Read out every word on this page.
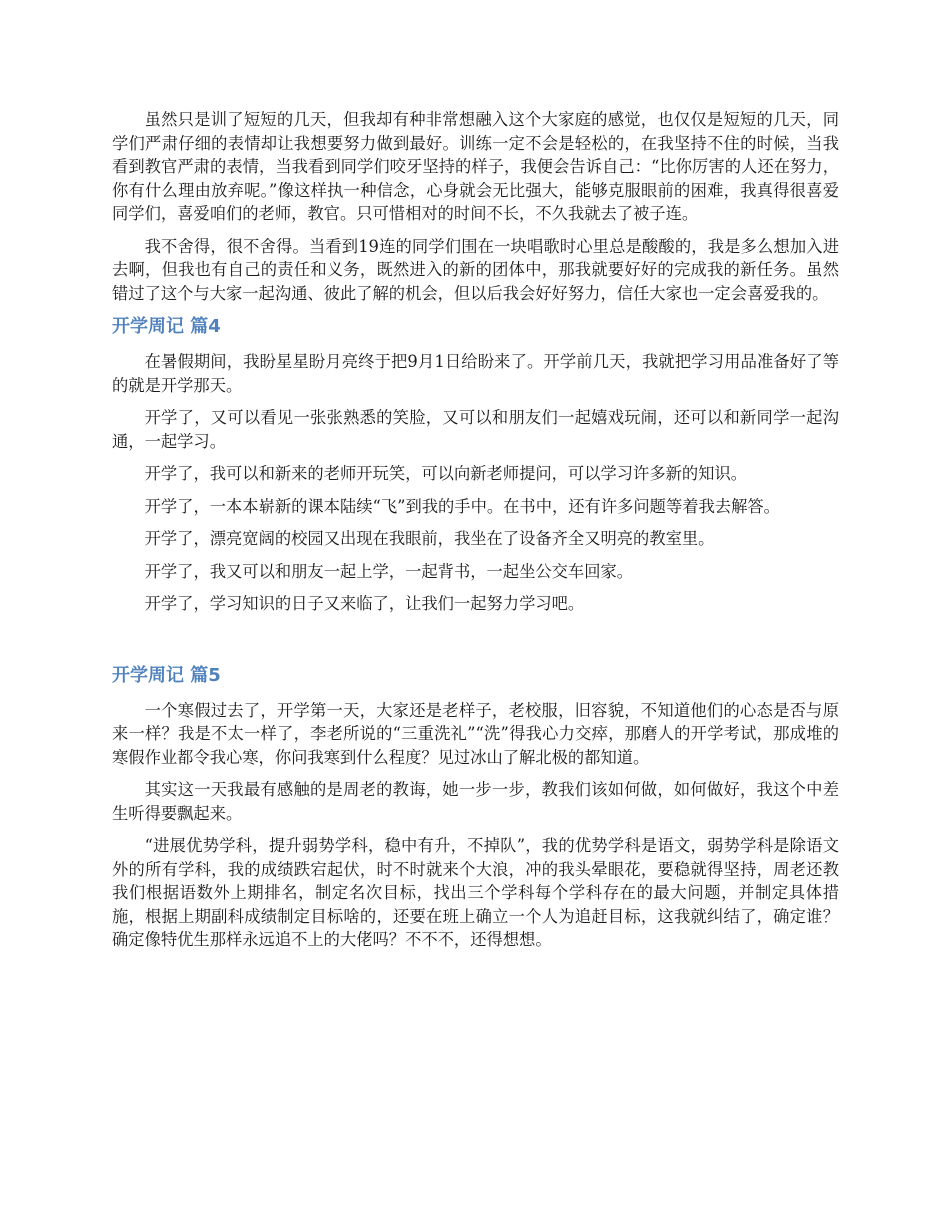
虽然只是训了短短的几天，但我却有种非常想融入这个大家庭的感觉，也仅仅是短短的几天，同学们严肃仔细的表情却让我想要努力做到最好。训练一定不会是轻松的，在我坚持不住的时候，当我看到教官严肃的表情，当我看到同学们咬牙坚持的样子，我便会告诉自己：“比你厉害的人还在努力，你有什么理由放弃呢。”像这样执一种信念，心身就会无比强大，能够克服眼前的困难，我真得很喜爱同学们，喜爱咱们的老师，教官。只可惜相对的时间不长，不久我就去了被子连。

我不舍得，很不舍得。当看到19连的同学们围在一块唱歌时心里总是酸酸的，我是多么想加入进去啊，但我也有自己的责任和义务，既然进入的新的团体中，那我就要好好的完成我的新任务。虽然错过了这个与大家一起沟通、彼此了解的机会，但以后我会好好努力，信任大家也一定会喜爱我的。

开学周记 篇4

在暑假期间，我盼星星盼月亮终于把9月1日给盼来了。开学前几天，我就把学习用品准备好了等的就是开学那天。

开学了，又可以看见一张张熟悉的笑脸，又可以和朋友们一起嬉戏玩闹，还可以和新同学一起沟通，一起学习。

开学了，我可以和新来的老师开玩笑，可以向新老师提问，可以学习许多新的知识。

开学了，一本本崭新的课本陆续“飞”到我的手中。在书中，还有许多问题等着我去解答。

开学了，漂亮宽阔的校园又出现在我眼前，我坐在了设备齐全又明亮的教室里。

开学了，我又可以和朋友一起上学，一起背书，一起坐公交车回家。

开学了，学习知识的日子又来临了，让我们一起努力学习吧。

开学周记 篇5

一个寒假过去了，开学第一天，大家还是老样子，老校服，旧容貌，不知道他们的心态是否与原来一样？我是不太一样了，李老所说的“三重洗礼”“洗”得我心力交瘁，那磨人的开学考试，那成堆的寒假作业都令我心寒，你问我寒到什么程度？见过冰山了解北极的都知道。

其实这一天我最有感触的是周老的教诲，她一步一步，教我们该如何做，如何做好，我这个中差生听得要飘起来。

“进展优势学科，提升弱势学科，稳中有升，不掉队”，我的优势学科是语文，弱势学科是除语文外的所有学科，我的成绩跌宕起伏，时不时就来个大浪，冲的我头晕眼花，要稳就得坚持，周老还教我们根据语数外上期排名，制定名次目标，找出三个学科每个学科存在的最大问题，并制定具体措施，根据上期副科成绩制定目标啥的，还要在班上确立一个人为追赶目标，这我就纠结了，确定谁？确定像特优生那样永远追不上的大佬吗？不不不，还得想想。
